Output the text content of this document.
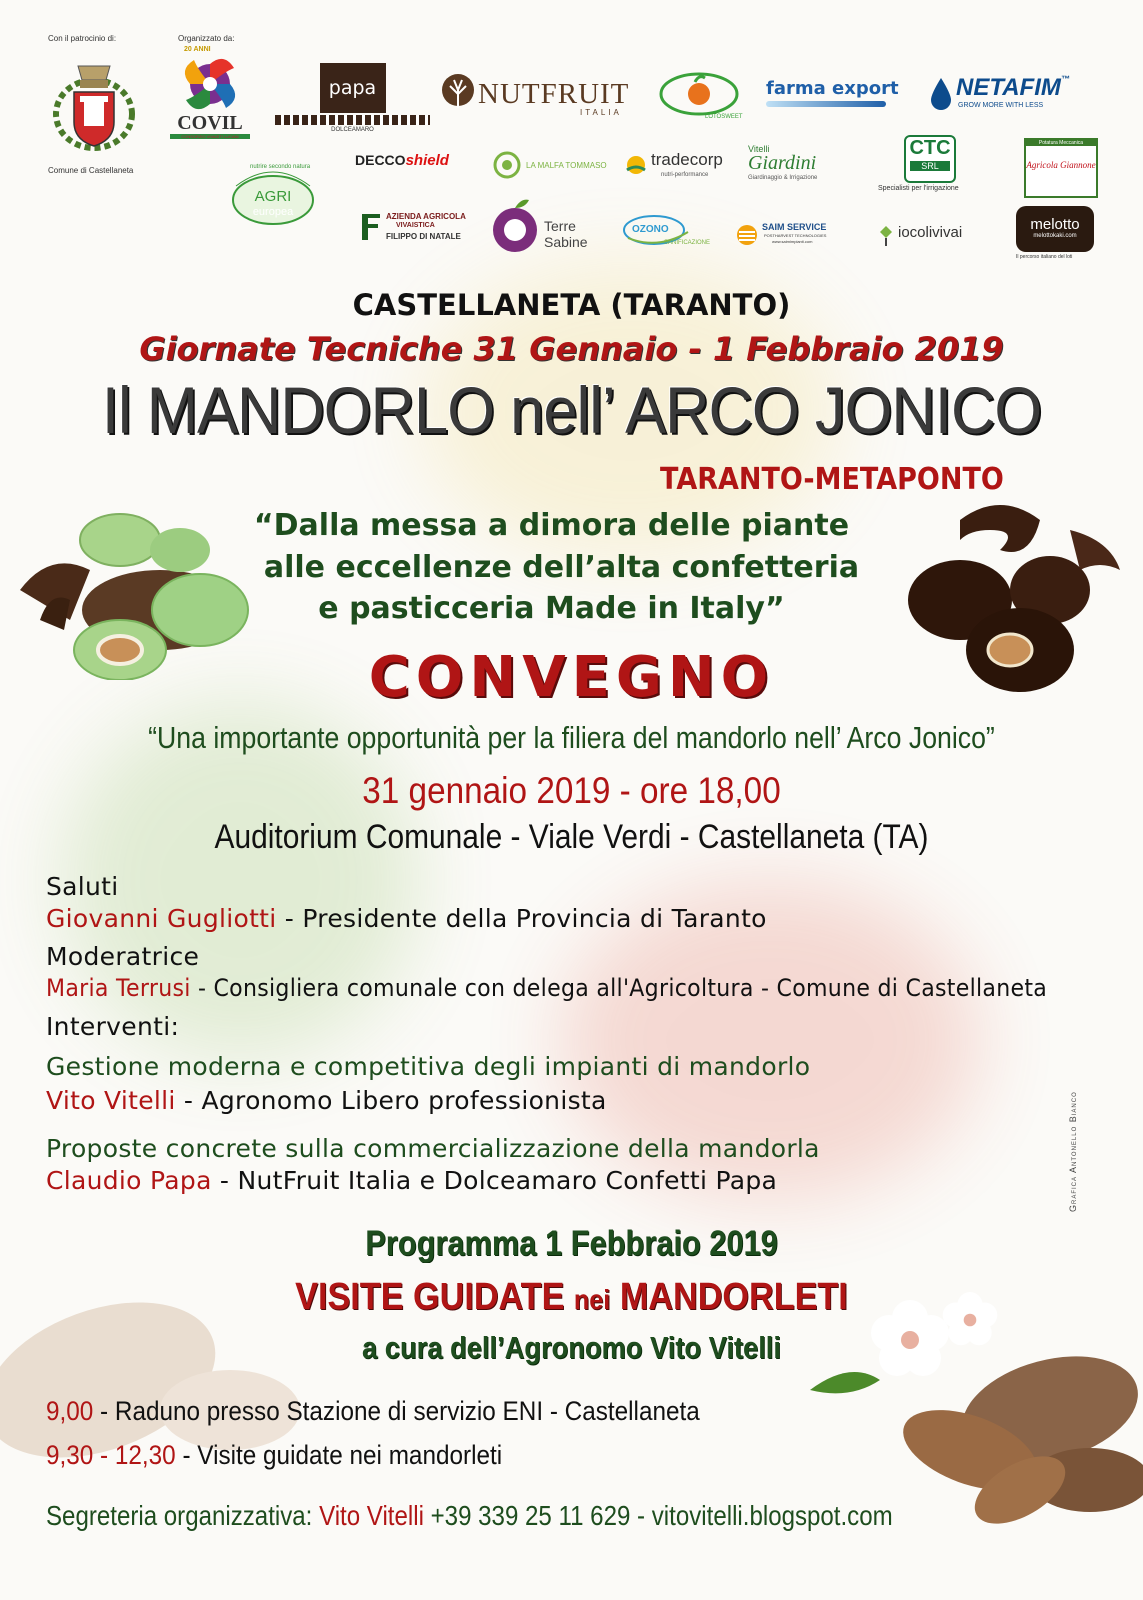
Con il patrocinio di:	Organizzato da:
Comune di Castellaneta
20 ANNI
COVIL
CONSORZIO VIVAISTI LUCANI
papa
DOLCEAMARO
NUTFRUIT
ITALIA	LOTOSWEET
farma export	NETAFIM™
GROW MORE WITH LESS
DECCOshield	LA MALFA TOMMASO	tradecorp
nutri-performance
Vitelli
Giardini
Giardinaggio & Irrigazione
CTC
SRL
Specialisti per l'irrigazione
Potatura Meccanica
Agricola Giannone
nutrire secondo natura
AGRI
europea	AZIENDA AGRICOLA
VIVAISTICA
FILIPPO DI NATALE
Terre
Sabine
OZONO
SANIFICAZIONE
SAIM SERVICE
POSTHARVEST TECHNOLOGIES
www.saimimpianti.com
iocolivivai	melotto
melottokaki.com
Il percorso italiano del loti
CASTELLANETA (TARANTO)
Giornate Tecniche 31 Gennaio - 1 Febbraio 2019
Il MANDORLO nell’ ARCO JONICO
TARANTO-METAPONTO
“Dalla messa a dimora delle piante
alle eccellenze dell’alta confetteria
e pasticceria Made in Italy”
CONVEGNO
“Una importante opportunità per la filiera del mandorlo nell’ Arco Jonico”
31 gennaio 2019 - ore 18,00
Auditorium Comunale - Viale Verdi - Castellaneta (TA)
Saluti
Giovanni Gugliotti - Presidente della Provincia di Taranto
Moderatrice
Maria Terrusi - Consigliera comunale con delega all'Agricoltura - Comune di Castellaneta
Interventi:
Gestione moderna e competitiva degli impianti di mandorlo
Vito Vitelli - Agronomo Libero professionista
Proposte concrete sulla commercializzazione della mandorla
Claudio Papa - NutFruit Italia e Dolceamaro Confetti Papa	Grafica Antonello Bianco
Programma 1 Febbraio 2019
VISITE GUIDATE nei MANDORLETI
a cura dell’Agronomo Vito Vitelli
9,00 - Raduno presso Stazione di servizio ENI - Castellaneta
9,30 - 12,30 - Visite guidate nei mandorleti
Segreteria organizzativa: Vito Vitelli +39 339 25 11 629 - vitovitelli.blogspot.com
